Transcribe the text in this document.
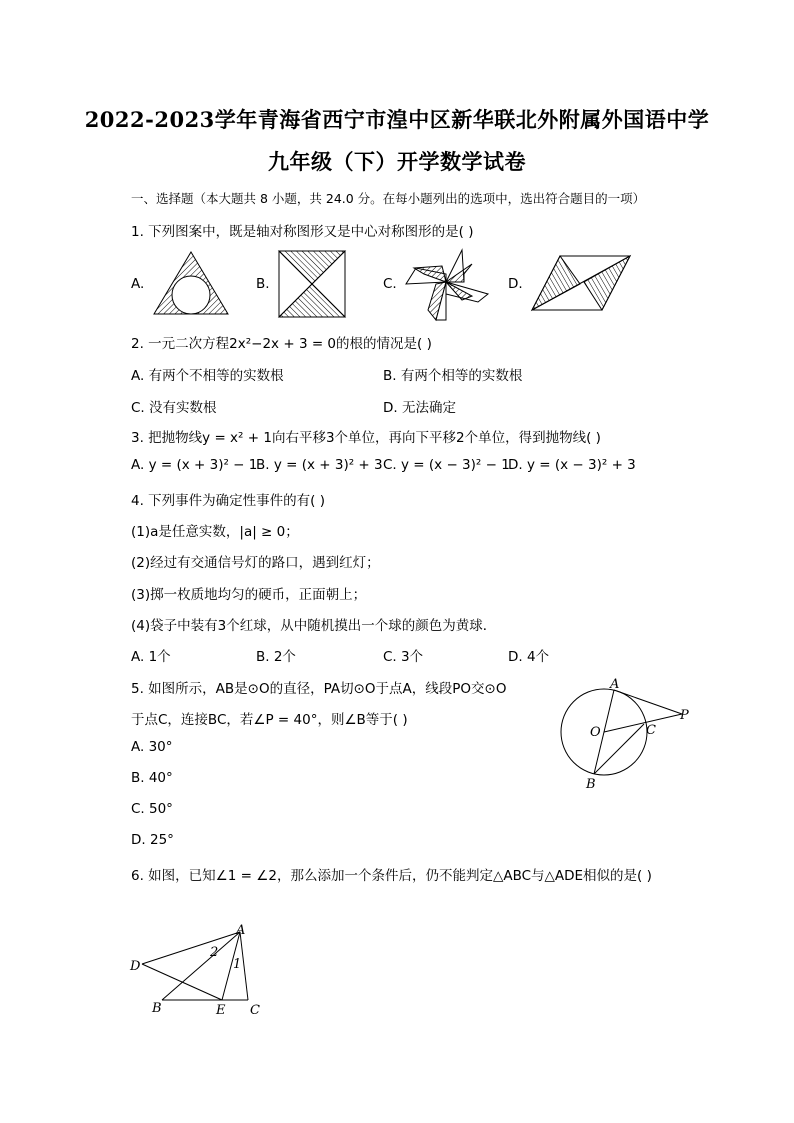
2022-2023学年青海省西宁市湟中区新华联北外附属外国语中学
九年级（下）开学数学试卷
一、选择题（本大题共 8 小题，共 24.0 分。在每小题列出的选项中，选出符合题目的一项）
1. 下列图案中，既是轴对称图形又是中心对称图形的是( )
A.	B.	C.	D.
2. 一元二次方程2x²−2x + 3 = 0的根的情况是( )
A. 有两个不相等的实数根	B. 有两个相等的实数根
C. 没有实数根	D. 无法确定
3. 把抛物线y = x² + 1向右平移3个单位，再向下平移2个单位，得到抛物线( )
A. y = (x + 3)² − 1
B. y = (x + 3)² + 3 C. y = (x − 3)² − 1
D. y = (x − 3)² + 3
4. 下列事件为确定性事件的有( )
(1)a是任意实数，|a| ≥ 0；
(2)经过有交通信号灯的路口，遇到红灯；
(3)掷一枚质地均匀的硬币，正面朝上；
(4)袋子中装有3个红球，从中随机摸出一个球的颜色为黄球．
A. 1个	B. 2个	C. 3个	D. 4个
5. 如图所示，AB是⊙O的直径，PA切⊙O于点A，线段PO交⊙O
于点C，连接BC，若∠P = 40°，则∠B等于( )
A. 30°
B. 40°
C. 50°
D. 25°
A
O	C
P
B
6. 如图，已知∠1 = ∠2，那么添加一个条件后，仍不能判定△ABC与△ADE相似的是( )
A
D
B	E C
1
2
